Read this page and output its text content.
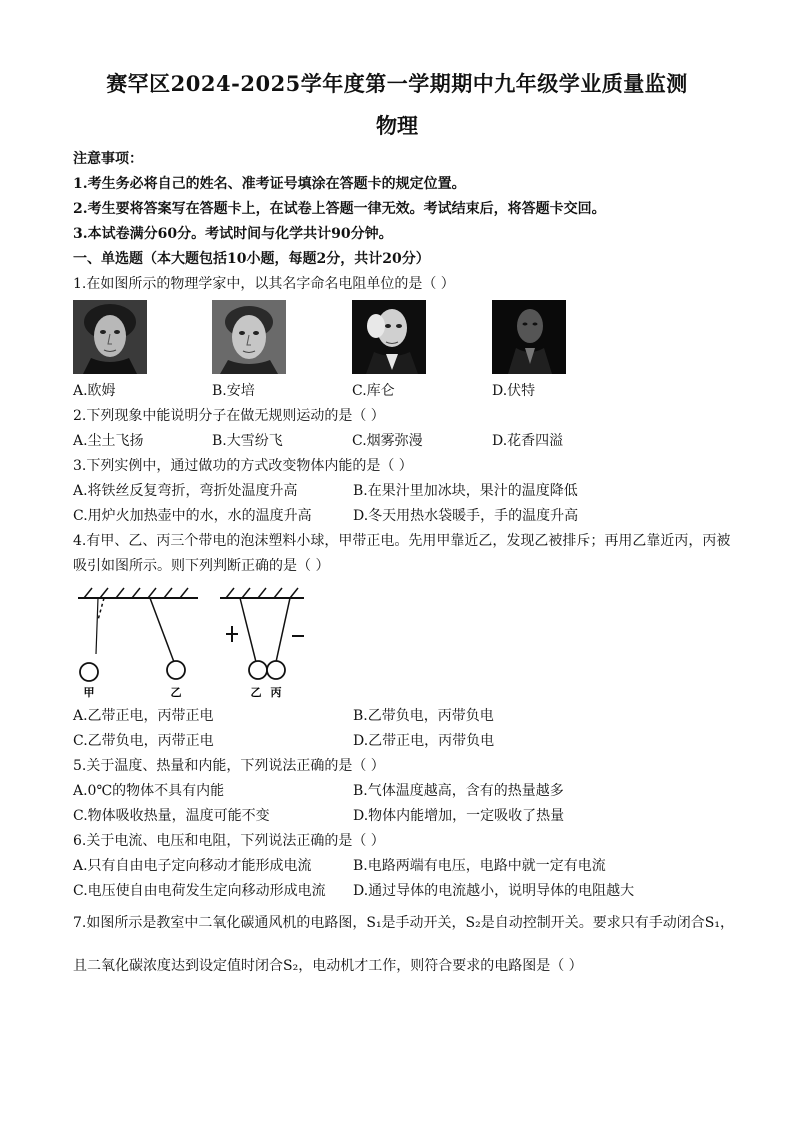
赛罕区2024-2025学年度第一学期期中九年级学业质量监测
物理
注意事项：
1.考生务必将自己的姓名、准考证号填涂在答题卡的规定位置。
2.考生要将答案写在答题卡上，在试卷上答题一律无效。考试结束后，将答题卡交回。
3.本试卷满分60分。考试时间与化学共计90分钟。
一、单选题（本大题包括10小题，每题2分，共计20分）
1.在如图所示的物理学家中，以其名字命名电阻单位的是（ ）
A.欧姆	B.安培	C.库仑	D.伏特
2.下列现象中能说明分子在做无规则运动的是（ ）
A.尘土飞扬	B.大雪纷飞	C.烟雾弥漫	D.花香四溢
3.下列实例中，通过做功的方式改变物体内能的是（ ）
A.将铁丝反复弯折，弯折处温度升高	B.在果汁里加冰块，果汁的温度降低
C.用炉火加热壶中的水，水的温度升高	D.冬天用热水袋暖手，手的温度升高
4.有甲、乙、丙三个带电的泡沫塑料小球，甲带正电。先用甲靠近乙，发现乙被排斥；再用乙靠近丙，丙被
吸引如图所示。则下列判断正确的是（ ）
甲	乙	乙 丙
A.乙带正电，丙带正电	B.乙带负电，丙带负电
C.乙带负电，丙带正电	D.乙带正电，丙带负电
5.关于温度、热量和内能，下列说法正确的是（ ）
A.0℃的物体不具有内能	B.气体温度越高，含有的热量越多
C.物体吸收热量，温度可能不变	D.物体内能增加，一定吸收了热量
6.关于电流、电压和电阻，下列说法正确的是（ ）
A.只有自由电子定向移动才能形成电流	B.电路两端有电压，电路中就一定有电流
C.电压使自由电荷发生定向移动形成电流 D.通过导体的电流越小，说明导体的电阻越大
7.如图所示是教室中二氧化碳通风机的电路图，S₁是手动开关，S₂是自动控制开关。要求只有手动闭合S₁，
且二氧化碳浓度达到设定值时闭合S₂，电动机才工作，则符合要求的电路图是（ ）
